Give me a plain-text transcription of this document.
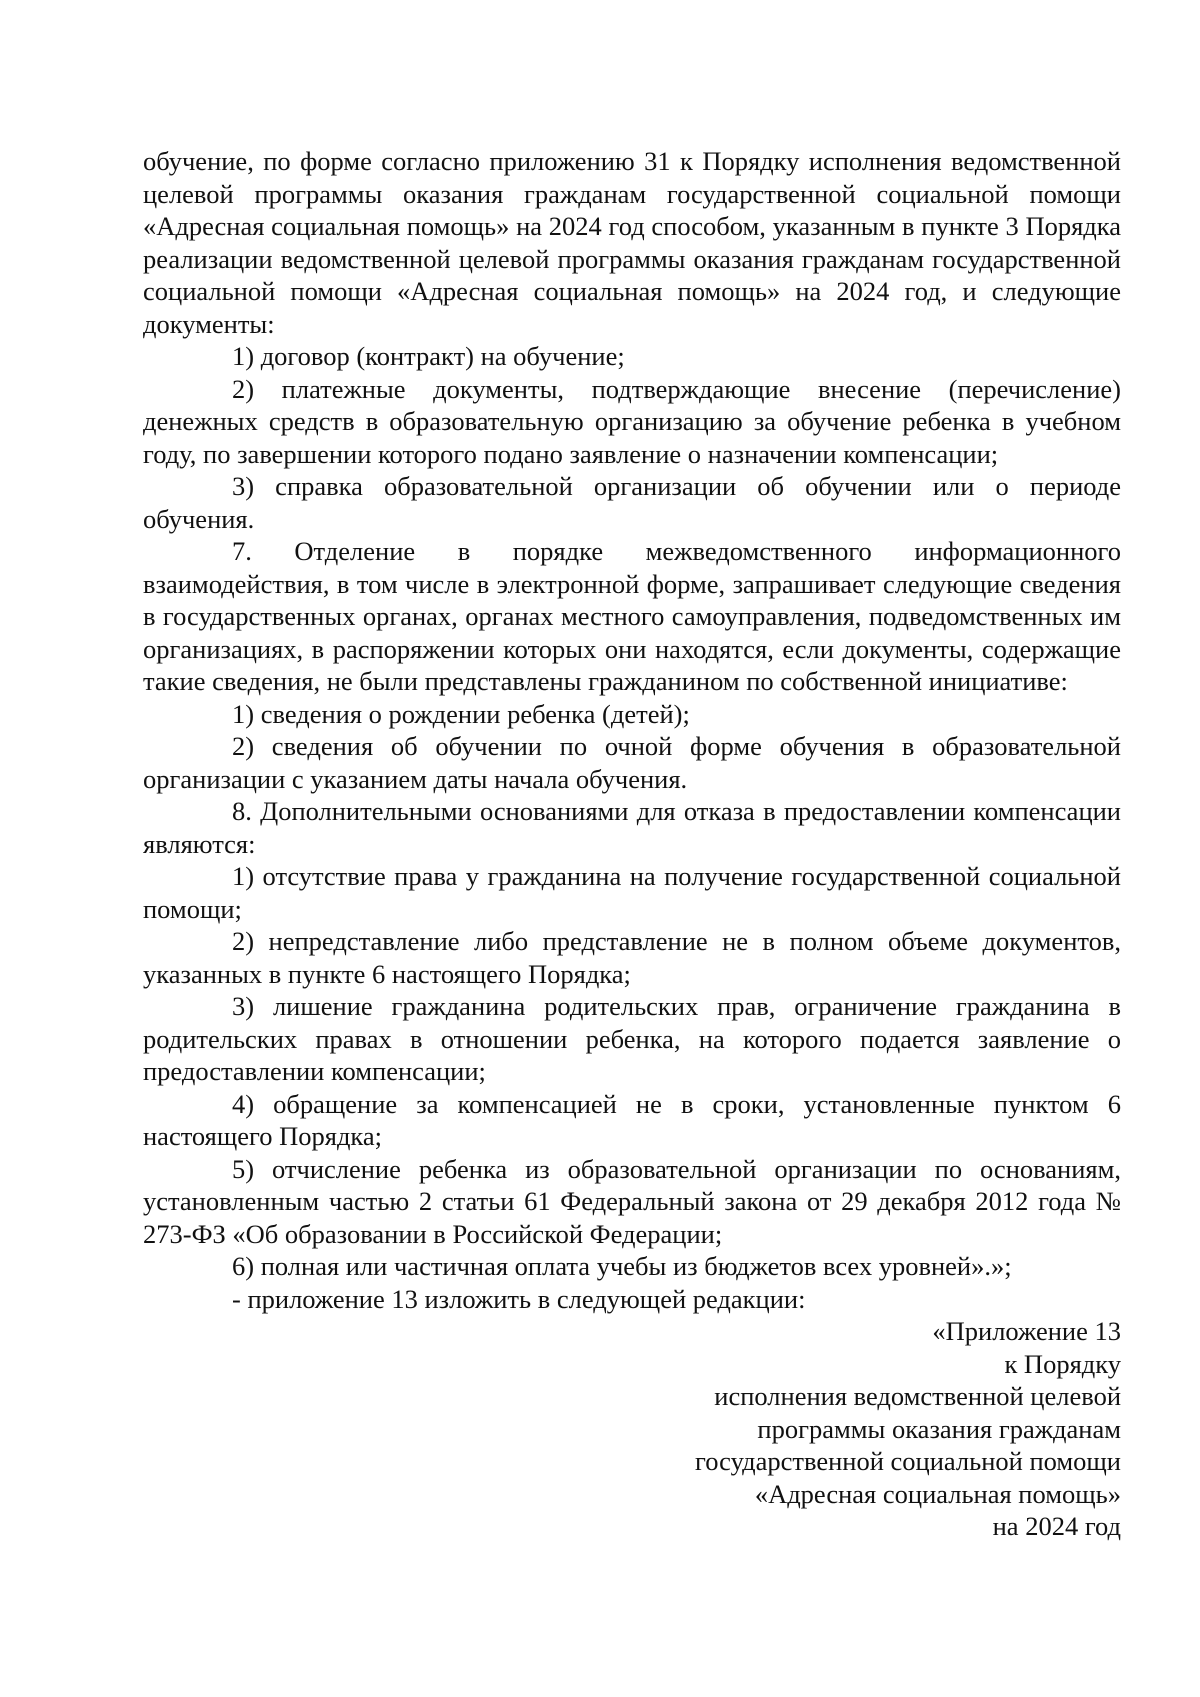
обучение, по форме согласно приложению 31 к Порядку исполнения ведомственной целевой программы оказания гражданам государственной социальной помощи «Адресная социальная помощь» на 2024 год способом, указанным в пункте 3 Порядка реализации ведомственной целевой программы оказания гражданам государственной социальной помощи «Адресная социальная помощь» на 2024 год, и следующие документы:

1) договор (контракт) на обучение;

2) платежные документы, подтверждающие внесение (перечисление) денежных средств в образовательную организацию за обучение ребенка в учебном году, по завершении которого подано заявление о назначении компенсации;

3) справка образовательной организации об обучении или о периоде обучения.

7. Отделение в порядке межведомственного информационного взаимодействия, в том числе в электронной форме, запрашивает следующие сведения в государственных органах, органах местного самоуправления, подведомственных им организациях, в распоряжении которых они находятся, если документы, содержащие такие сведения, не были представлены гражданином по собственной инициативе:

1) сведения о рождении ребенка (детей);

2) сведения об обучении по очной форме обучения в образовательной организации с указанием даты начала обучения.

8. Дополнительными основаниями для отказа в предоставлении компенсации являются:

1) отсутствие права у гражданина на получение государственной социальной помощи;

2) непредставление либо представление не в полном объеме документов, указанных в пункте 6 настоящего Порядка;

3) лишение гражданина родительских прав, ограничение гражданина в родительских правах в отношении ребенка, на которого подается заявление о предоставлении компенсации;

4) обращение за компенсацией не в сроки, установленные пунктом 6 настоящего Порядка;

5) отчисление ребенка из образовательной организации по основаниям, установленным частью 2 статьи 61 Федеральный закона от 29 декабря 2012 года № 273-ФЗ «Об образовании в Российской Федерации;

6) полная или частичная оплата учебы из бюджетов всех уровней».»;

- приложение 13 изложить в следующей редакции:

«Приложение 13
к Порядку
исполнения ведомственной целевой
программы оказания гражданам
государственной социальной помощи
«Адресная социальная помощь»
на 2024 год
